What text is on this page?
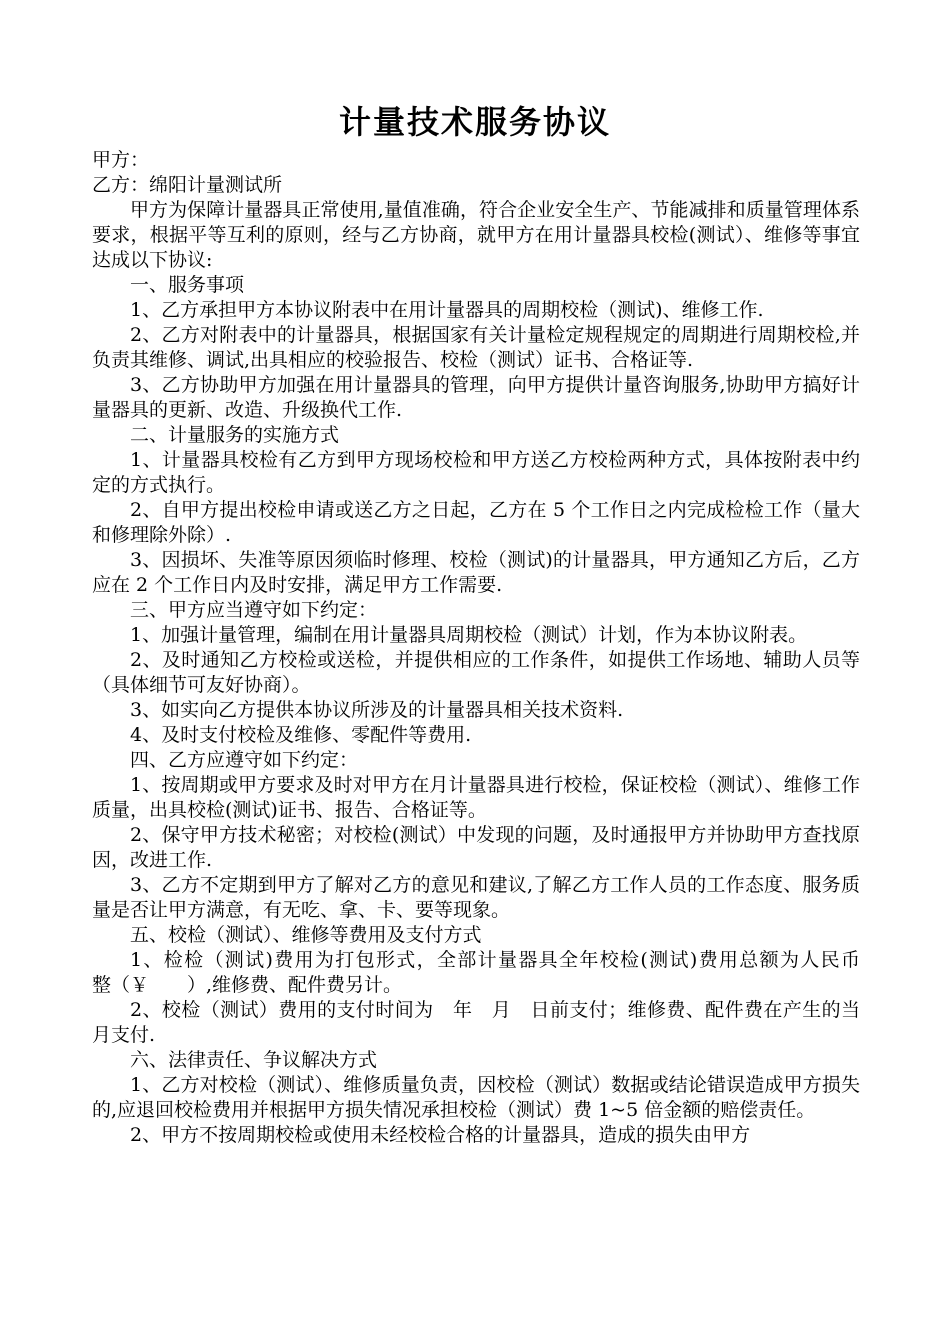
计量技术服务协议

甲方：

乙方：绵阳计量测试所

甲方为保障计量器具正常使用,量值准确，符合企业安全生产、节能减排和质量管理体系要求，根据平等互利的原则，经与乙方协商，就甲方在用计量器具校检(测试）、维修等事宜达成以下协议:

一、服务事项

1、乙方承担甲方本协议附表中在用计量器具的周期校检（测试)、维修工作.

2、乙方对附表中的计量器具，根据国家有关计量检定规程规定的周期进行周期校检,并负责其维修、调试,出具相应的校验报告、校检（测试）证书、合格证等.

3、乙方协助甲方加强在用计量器具的管理，向甲方提供计量咨询服务,协助甲方搞好计量器具的更新、改造、升级换代工作.

二、计量服务的实施方式

1、计量器具校检有乙方到甲方现场校检和甲方送乙方校检两种方式，具体按附表中约定的方式执行。

2、自甲方提出校检申请或送乙方之日起，乙方在 5 个工作日之内完成检检工作（量大和修理除外除）.

3、因损坏、失准等原因须临时修理、校检（测试)的计量器具，甲方通知乙方后，乙方应在 2 个工作日内及时安排，满足甲方工作需要.

三、甲方应当遵守如下约定：

1、加强计量管理，编制在用计量器具周期校检（测试）计划，作为本协议附表。

2、及时通知乙方校检或送检，并提供相应的工作条件，如提供工作场地、辅助人员等（具体细节可友好协商）。

3、如实向乙方提供本协议所涉及的计量器具相关技术资料.

4、及时支付校检及维修、零配件等费用.

四、乙方应遵守如下约定：

1、按周期或甲方要求及时对甲方在月计量器具进行校检，保证校检（测试）、维修工作质量，出具校检(测试)证书、报告、合格证等。

2、保守甲方技术秘密；对校检(测试）中发现的问题，及时通报甲方并协助甲方查找原因，改进工作.

3、乙方不定期到甲方了解对乙方的意见和建议,了解乙方工作人员的工作态度、服务质量是否让甲方满意，有无吃、拿、卡、要等现象。

五、校检（测试）、维修等费用及支付方式

1、检检（测试)费用为打包形式，全部计量器具全年校检(测试)费用总额为人民币　　整（￥　　）,维修费、配件费另计。

2、校检（测试）费用的支付时间为　年　月　日前支付；维修费、配件费在产生的当月支付.

六、法律责任、争议解决方式

1、乙方对校检（测试）、维修质量负责，因校检（测试）数据或结论错误造成甲方损失的,应退回校检费用并根据甲方损失情况承担校检（测试）费 1~5 倍金额的赔偿责任。

2、甲方不按周期校检或使用未经校检合格的计量器具，造成的损失由甲方
